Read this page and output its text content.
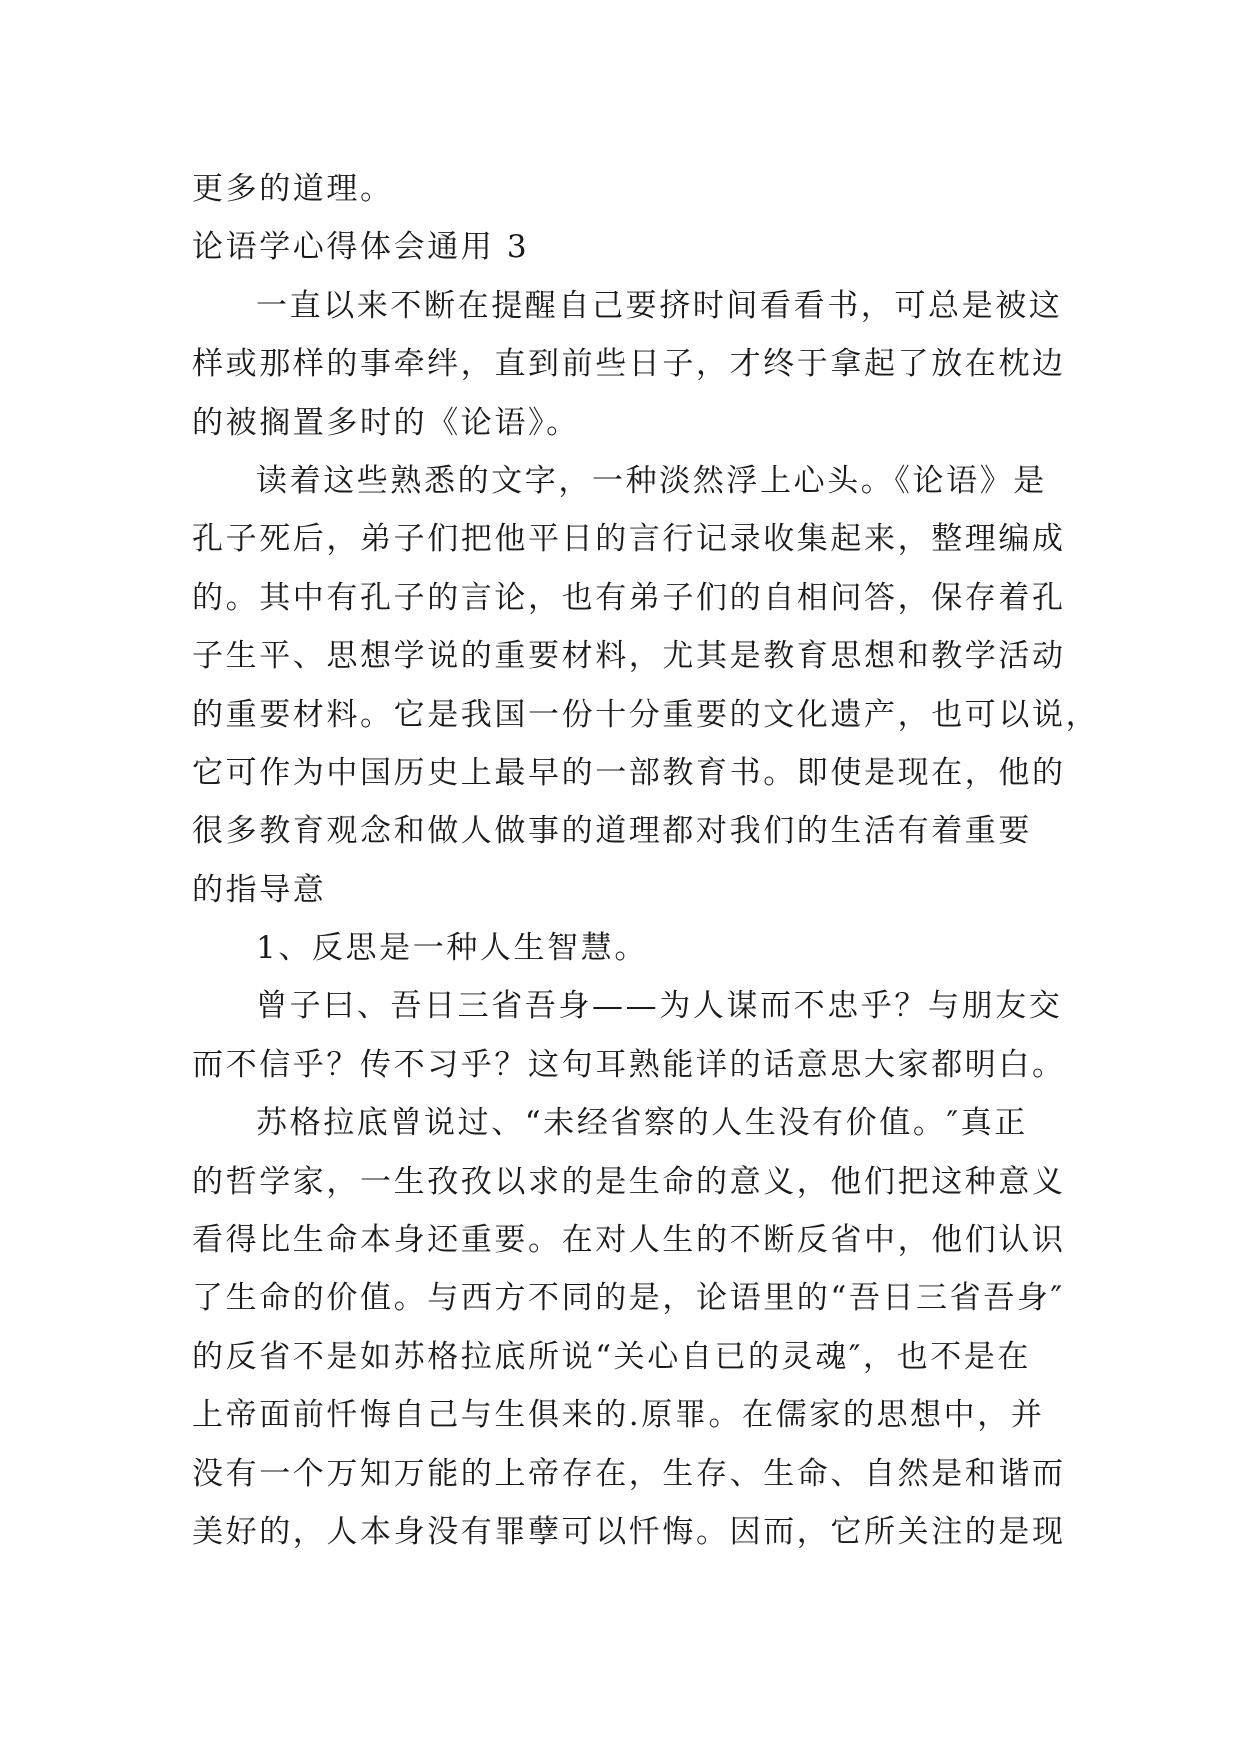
更多的道理。
论语学心得体会通用 3
一直以来不断在提醒自己要挤时间看看书，可总是被这
样或那样的事牵绊，直到前些日子，才终于拿起了放在枕边
的被搁置多时的《论语》。
读着这些熟悉的文字，一种淡然浮上心头。《论语》是
孔子死后，弟子们把他平日的言行记录收集起来，整理编成
的。其中有孔子的言论，也有弟子们的自相问答，保存着孔
子生平、思想学说的重要材料，尤其是教育思想和教学活动
的重要材料。它是我国一份十分重要的文化遗产，也可以说，
它可作为中国历史上最早的一部教育书。即使是现在，他的
很多教育观念和做人做事的道理都对我们的生活有着重要
的指导意
1、反思是一种人生智慧。
曾子曰、吾日三省吾身——为人谋而不忠乎？与朋友交
而不信乎？传不习乎？这句耳熟能详的话意思大家都明白。
苏格拉底曾说过、“未经省察的人生没有价值。″真正
的哲学家，一生孜孜以求的是生命的意义，他们把这种意义
看得比生命本身还重要。在对人生的不断反省中，他们认识
了生命的价值。与西方不同的是，论语里的“吾日三省吾身″
的反省不是如苏格拉底所说“关心自已的灵魂″，也不是在
上帝面前忏悔自己与生俱来的.原罪。在儒家的思想中，并
没有一个万知万能的上帝存在，生存、生命、自然是和谐而
美好的，人本身没有罪孽可以忏悔。因而，它所关注的是现
